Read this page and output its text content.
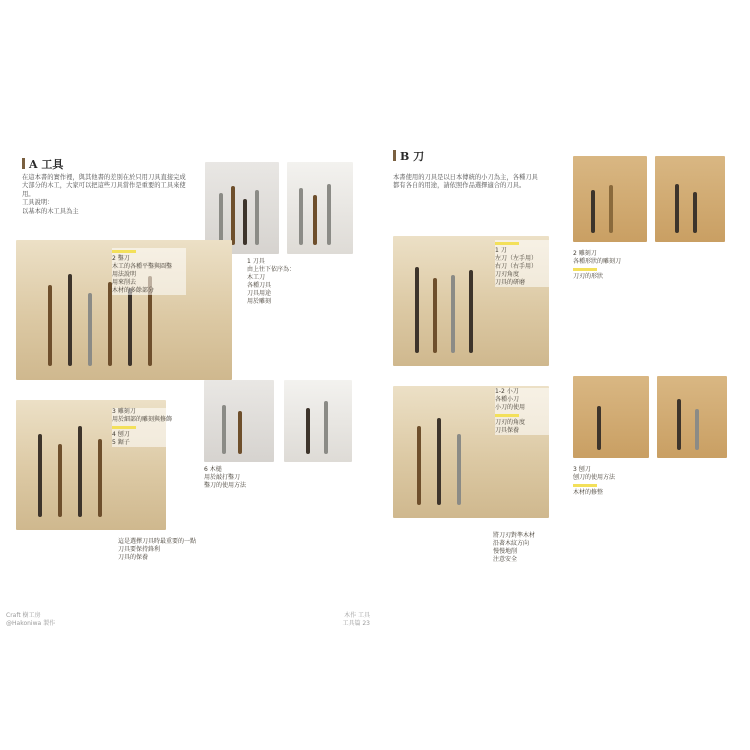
A 工具
在這本書的實作裡，與其他書的差別在於只用刀具直接完成
大部分的木工，大家可以把這些刀具當作是重要的工具來使用。
工具說明：
以基本的木工具為主
1 刀具
由上往下依序為：
木工刀
各種刀具
刀具用途
用於雕刻
2 鑿刀
木工的各種平鑿與圓鑿
用法說明
用來削去
木材的多餘部分
3 雕刻刀
用於細部的雕刻與修飾
4 刨刀
5 鋸子
6 木槌
用於敲打鑿刀
鑿刀的使用方法
這是選擇刀具時最重要的一點
刀具要保持鋒利
刀具的保養
B 刀
本書使用的刀具是以日本傳統的小刀為主，各種刀具
都有各自的用途，請依照作品選擇適合的刀具。
1 刀
左刀（左手用）
右刀（右手用）
刀刃角度
刀具的研磨
2 雕刻刀
各種形狀的雕刻刀
刀刃的形狀
1-2 小刀
各種小刀
小刀的使用
刀刃的角度
刀具保養
3 刨刀
刨刀的使用方法
木材的修整
將刀刃對準木材
沿著木紋方向
慢慢地削
注意安全
Craft 樹工房
@Hakoniwa 製作
木作 工具
工具篇 23
